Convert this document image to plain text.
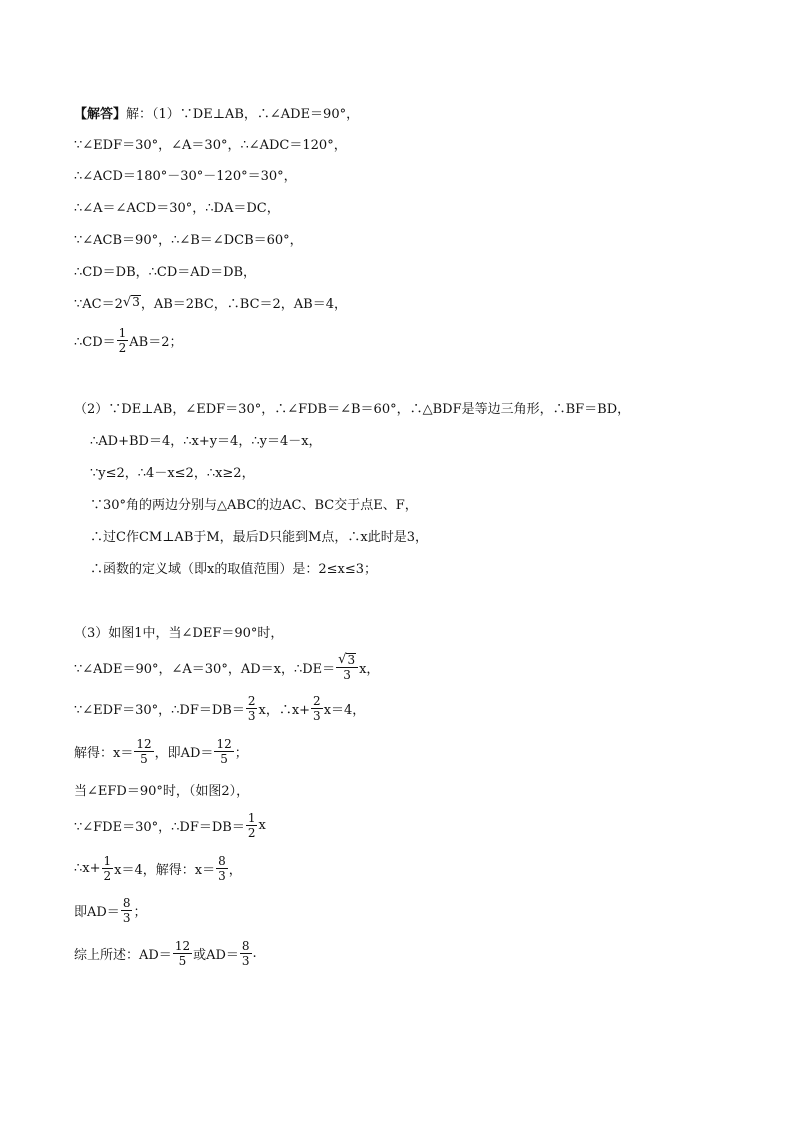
【解答】 解：（1）∵DE⊥AB，∴∠ADE＝90°，
∵∠EDF＝30°，∠A＝30°，∴∠ADC＝120°，
∴∠ACD＝180°－30°－120°＝30°，
∴∠A＝∠ACD＝30°，∴DA＝DC，
∵∠ACB＝90°，∴∠B＝∠DCB＝60°，
∴CD＝DB，∴CD＝AD＝DB，
∵AC＝2 √ 3 ，AB＝2BC，∴BC＝2，AB＝4，
∴CD＝ $\frac{1}{2} AB=2$；
（2）∵DE⊥AB，∠EDF＝30°，∴∠FDB＝∠B＝60°，∴△BDF是等边三角形，∴BF＝BD，
∴AD+BD＝4，∴x+y＝4，∴y＝4－x，
∵y≤2，∴4－x≤2，∴x≥2，
∵30°角的两边分别与△ABC的边AC、BC交于点E、F，
∴过C作CM⊥AB于M，最后D只能到M点，∴x此时是3，
∴函数的定义域（即x的取值范围）是：2≤x≤3；
（3）如图1中，当∠DEF＝90°时，
∵∠ADE＝90°，∠A＝30°，AD＝x，∴DE＝ $\frac{√ 3}{3}$ x，
∵∠EDF＝30°，∴DF＝DB＝ $\frac{2}{3}$ x，∴x+ $\frac{2}{3} x=4$，
解得：$x= \frac{12}{5}$ ，即$AD= \frac{12}{5}$ ；
当∠EFD＝90°时，（如图2），
∵∠FDE＝30°，∴DF＝DB＝ $\frac{1}{2}$ x
∴x+ $\frac{1}{2} x=4$，解得：$x= \frac{8}{3}$ ，
即$AD= \frac{8}{3}$ ；
综上所述：$AD= \frac{12}{5}$ 或$AD= \frac{8}{3}$ .
